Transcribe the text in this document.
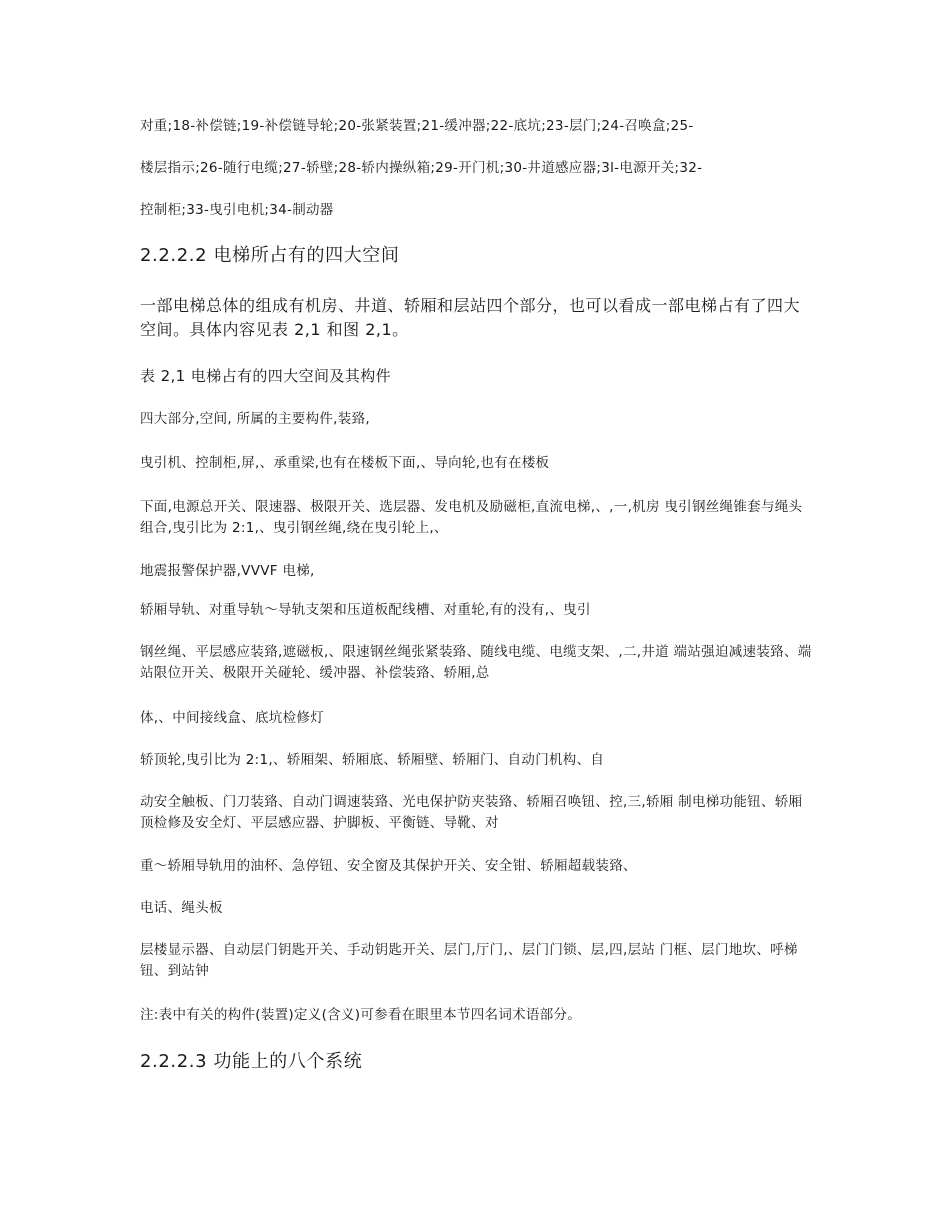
对重;18-补偿链;19-补偿链导轮;20-张紧装置;21-缓冲器;22-底坑;23-层门;24-召唤盒;25-
楼层指示;26-随行电缆;27-轿壁;28-轿内操纵箱;29-开门机;30-井道感应器;3l-电源开关;32-
控制柜;33-曳引电机;34-制动器
2.2.2.2 电梯所占有的四大空间
一部电梯总体的组成有机房、井道、轿厢和层站四个部分，也可以看成一部电梯占有了四大空间。具体内容见表 2,1 和图 2,1。
表 2,1 电梯占有的四大空间及其构件
四大部分,空间, 所属的主要构件,装臵,
曳引机、控制柜,屏,、承重梁,也有在楼板下面,、导向轮,也有在楼板
下面,电源总开关、限速器、极限开关、选层器、发电机及励磁柜,直流电梯,、,一,机房 曳引钢丝绳锥套与绳头组合,曳引比为 2:1,、曳引钢丝绳,绕在曳引轮上,、
地震报警保护器,VVVF 电梯,
轿厢导轨、对重导轨～导轨支架和压道板配线槽、对重轮,有的没有,、曳引
钢丝绳、平层感应装臵,遮磁板,、限速钢丝绳张紧装臵、随线电缆、电缆支架、,二,井道 端站强迫减速装臵、端站限位开关、极限开关碰轮、缓冲器、补偿装臵、轿厢,总
体,、中间接线盒、底坑检修灯
轿顶轮,曳引比为 2:1,、轿厢架、轿厢底、轿厢壁、轿厢门、自动门机构、自
动安全触板、门刀装臵、自动门调速装臵、光电保护防夹装臵、轿厢召唤钮、控,三,轿厢 制电梯功能钮、轿厢顶检修及安全灯、平层感应器、护脚板、平衡链、导靴、对
重～轿厢导轨用的油杯、急停钮、安全窗及其保护开关、安全钳、轿厢超载装臵、
电话、绳头板
层楼显示器、自动层门钥匙开关、手动钥匙开关、层门,厅门,、层门门锁、层,四,层站 门框、层门地坎、呼梯钮、到站钟
注:表中有关的构件(装置)定义(含义)可参看在眼里本节四名词术语部分。
2.2.2.3 功能上的八个系统
